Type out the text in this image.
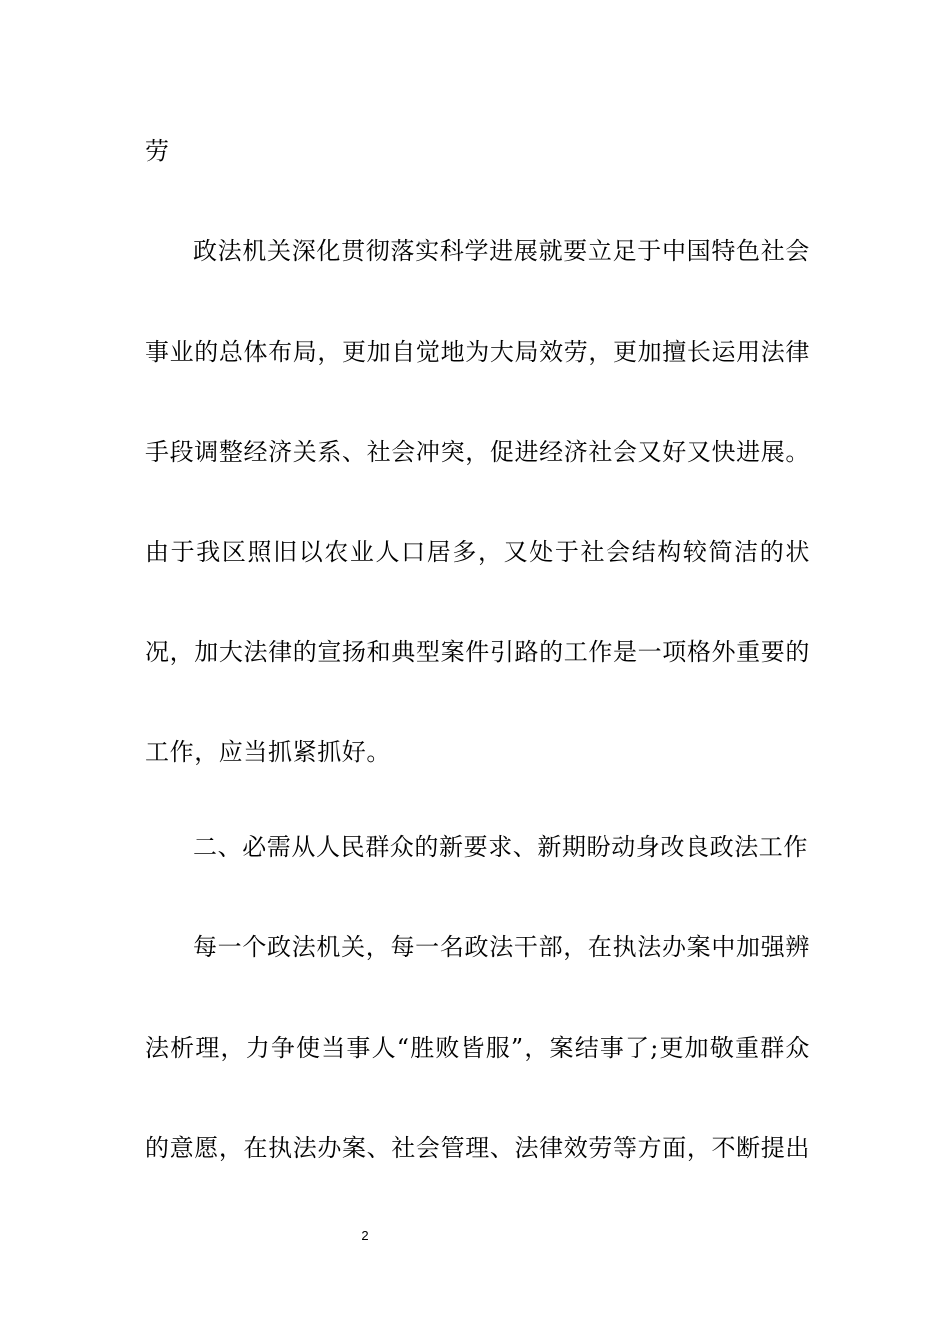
劳
政法机关深化贯彻落实科学进展就要立足于中国特色社会
事业的总体布局，更加自觉地为大局效劳，更加擅长运用法律
手段调整经济关系、社会冲突，促进经济社会又好又快进展。
由于我区照旧以农业人口居多，又处于社会结构较简洁的状
况，加大法律的宣扬和典型案件引路的工作是一项格外重要的
工作，应当抓紧抓好。
二、必需从人民群众的新要求、新期盼动身改良政法工作
每一个政法机关，每一名政法干部，在执法办案中加强辨
法析理，力争使当事人“胜败皆服”，案结事了;更加敬重群众
的意愿，在执法办案、社会管理、法律效劳等方面，不断提出
2
